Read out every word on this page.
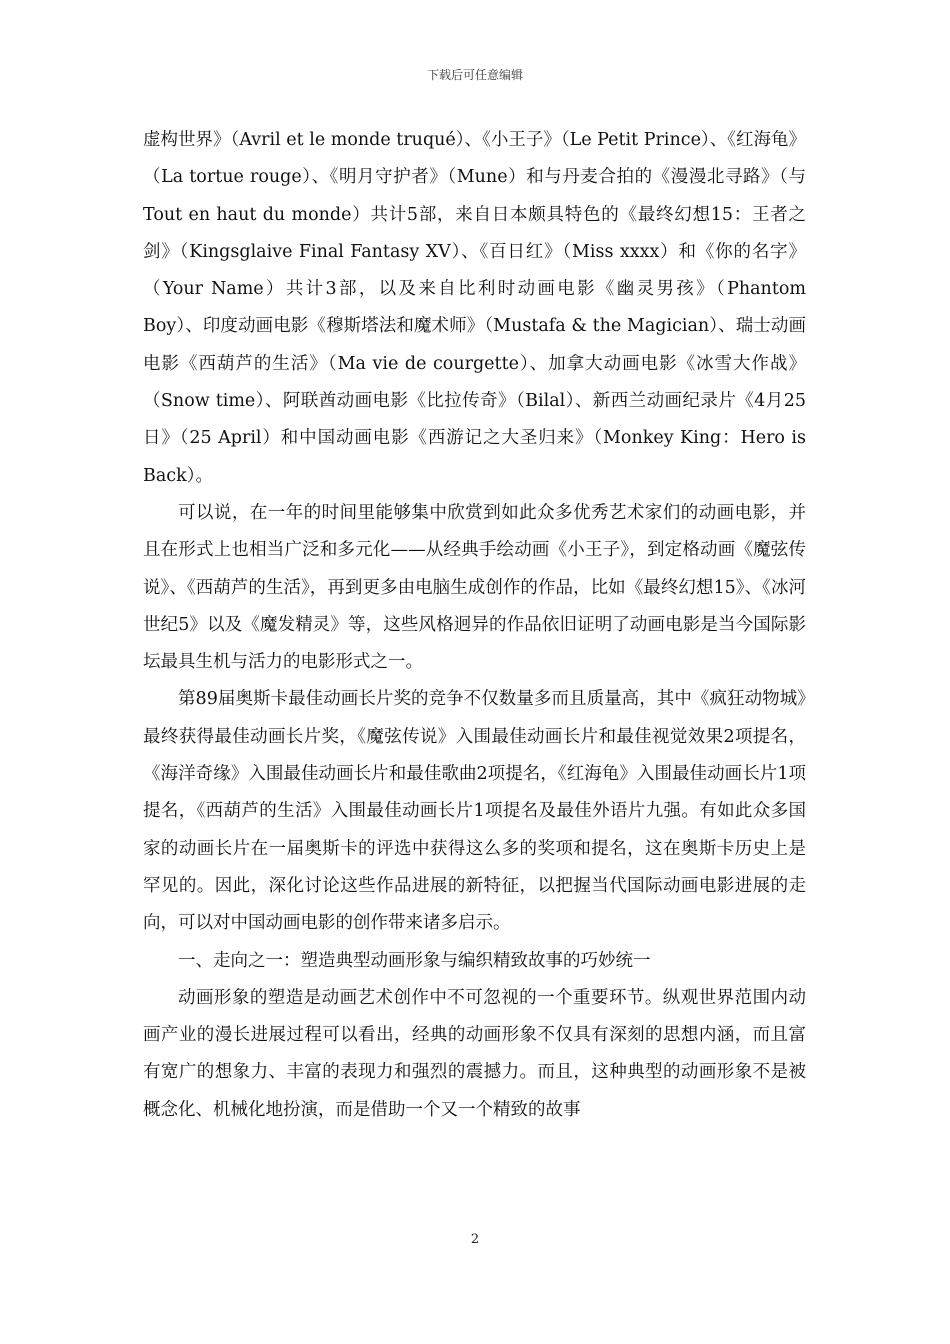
下载后可任意编辑

虚构世界》（Avril et le monde truqué）、《小王子》（Le Petit Prince）、《红海龟》（La tortue rouge）、《明月守护者》（Mune）和与丹麦合拍的《漫漫北寻路》（与Tout en haut du monde）共计5部，来自日本颇具特色的《最终幻想15：王者之剑》（Kingsglaive Final Fantasy XV）、《百日红》（Miss xxxx）和《你的名字》（Your Name）共计3部，以及来自比利时动画电影《幽灵男孩》（Phantom Boy）、印度动画电影《穆斯塔法和魔术师》（Mustafa & the Magician）、瑞士动画电影《西葫芦的生活》（Ma vie de courgette）、加拿大动画电影《冰雪大作战》（Snow time）、阿联酋动画电影《比拉传奇》（Bilal）、新西兰动画纪录片《4月25日》（25 April）和中国动画电影《西游记之大圣归来》（Monkey King：Hero is Back）。

可以说，在一年的时间里能够集中欣赏到如此众多优秀艺术家们的动画电影，并且在形式上也相当广泛和多元化——从经典手绘动画《小王子》，到定格动画《魔弦传说》、《西葫芦的生活》，再到更多由电脑生成创作的作品，比如《最终幻想15》、《冰河世纪5》以及《魔发精灵》等，这些风格迥异的作品依旧证明了动画电影是当今国际影坛最具生机与活力的电影形式之一。

第89届奥斯卡最佳动画长片奖的竞争不仅数量多而且质量高，其中《疯狂动物城》最终获得最佳动画长片奖，《魔弦传说》入围最佳动画长片和最佳视觉效果2项提名，《海洋奇缘》入围最佳动画长片和最佳歌曲2项提名，《红海龟》入围最佳动画长片1项提名，《西葫芦的生活》入围最佳动画长片1项提名及最佳外语片九强。有如此众多国家的动画长片在一届奥斯卡的评选中获得这么多的奖项和提名，这在奥斯卡历史上是罕见的。因此，深化讨论这些作品进展的新特征，以把握当代国际动画电影进展的走向，可以对中国动画电影的创作带来诸多启示。

一、走向之一：塑造典型动画形象与编织精致故事的巧妙统一

动画形象的塑造是动画艺术创作中不可忽视的一个重要环节。纵观世界范围内动画产业的漫长进展过程可以看出，经典的动画形象不仅具有深刻的思想内涵，而且富有宽广的想象力、丰富的表现力和强烈的震撼力。而且，这种典型的动画形象不是被概念化、机械化地扮演，而是借助一个又一个精致的故事

2
